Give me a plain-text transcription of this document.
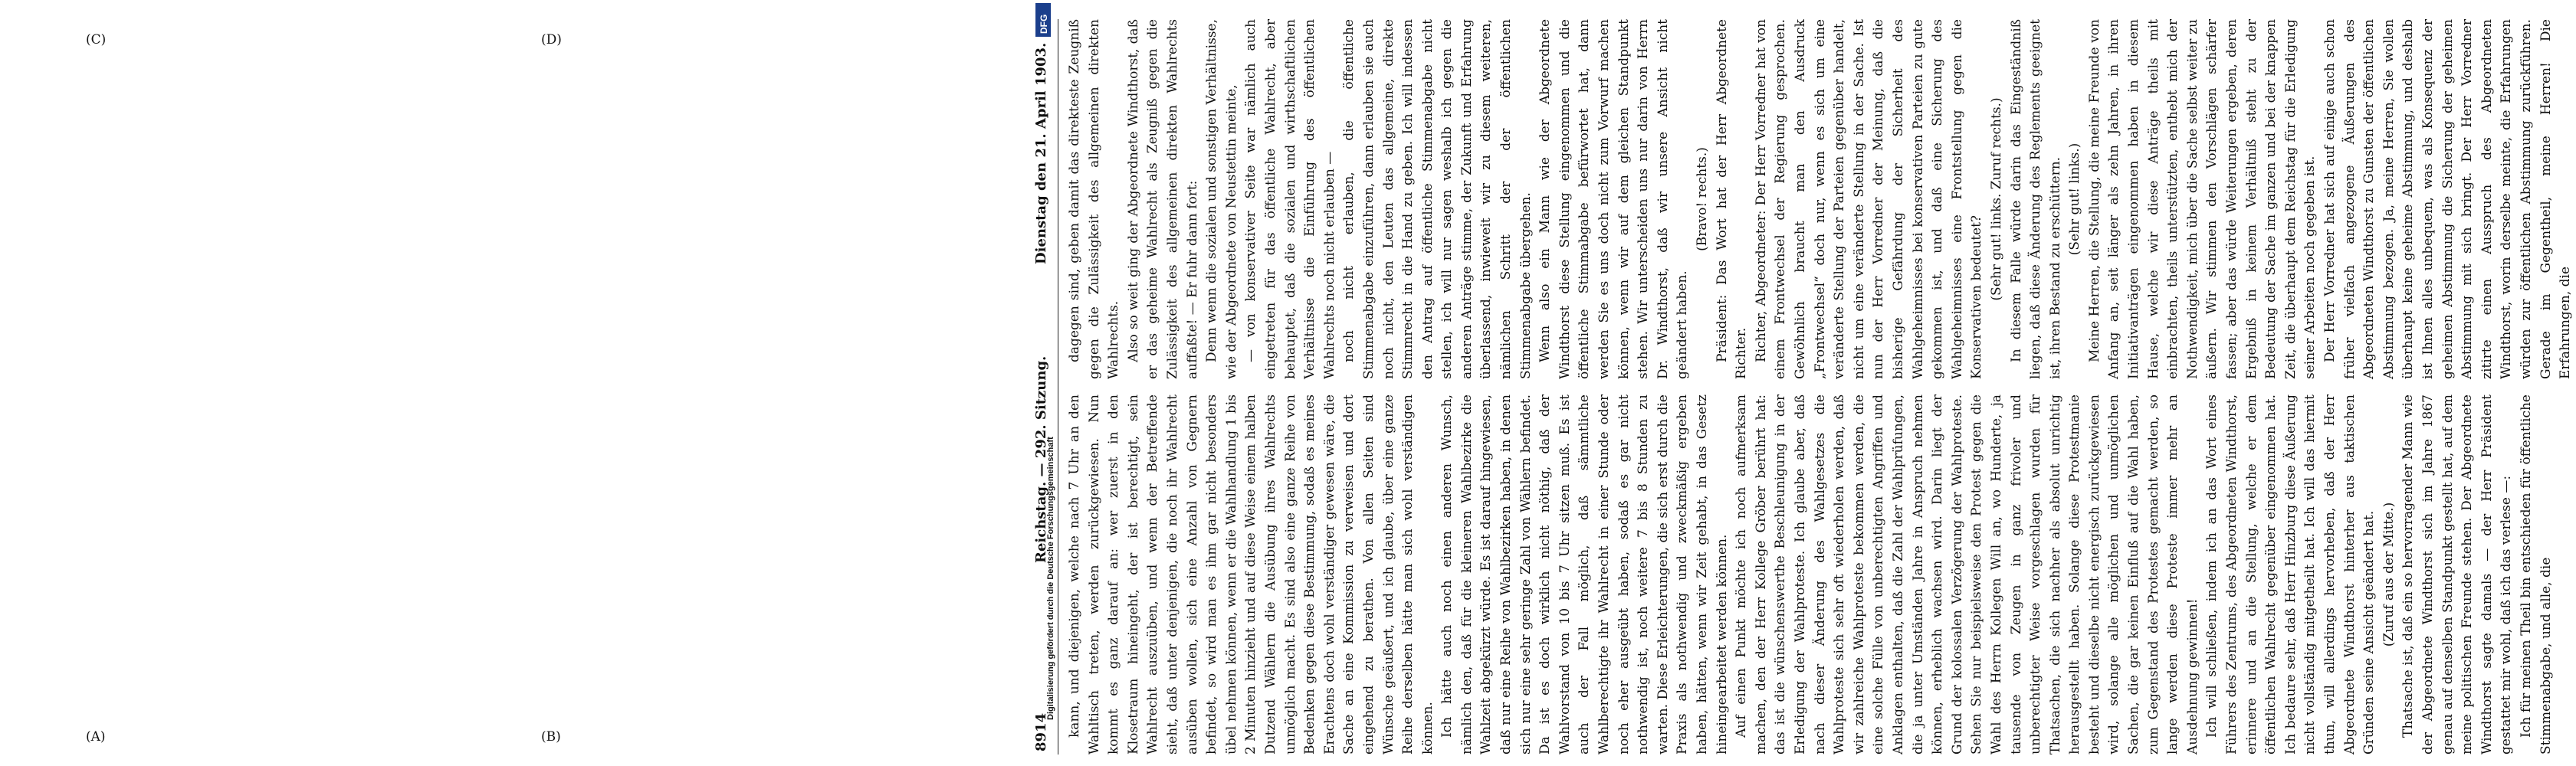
8914
Reichstag. — 292. Sitzung.
Dienstag den 21. April 1903.

kann, und diejenigen, welche nach 7 Uhr an den Wahltisch treten, werden zurückgewiesen. Nun kommt es ganz darauf an: wer zuerst in den Klosetraum hineingeht, der ist berechtigt, sein Wahlrecht auszuüben, und wenn der Betreffende sieht, daß unter denjenigen, die noch ihr Wahlrecht ausüben wollen, sich eine Anzahl von Gegnern befindet, so wird man es ihm gar nicht besonders übel nehmen können, wenn er die Wahlhandlung 1 bis 2 Minuten hinzieht und auf diese Weise einem halben Dutzend Wählern die Ausübung ihres Wahlrechts unmöglich macht. Es sind also eine ganze Reihe von Bedenken gegen diese Bestimmung, sodaß es meines Erachtens doch wohl verständiger gewesen wäre, die Sache an eine Kommission zu verweisen und dort eingehend zu berathen. Von allen Seiten sind Wünsche geäußert, und ich glaube, über eine ganze Reihe derselben hätte man sich wohl verständigen können. Ich hätte auch noch einen anderen Wunsch, nämlich den, daß für die kleineren Wahlbezirke die Wahlzeit abgekürzt würde. Es ist darauf hingewiesen, daß nur eine Reihe von Wahlbezirken haben, in denen sich nur eine sehr geringe Zahl von Wählern befindet. Da ist es doch wirklich nicht nöthig, daß der Wahlvorstand von 10 bis 7 Uhr sitzen muß. Es ist auch der Fall möglich, daß sämmtliche Wahlberechtigte ihr Wahlrecht in einer Stunde oder noch eher ausgeübt haben, sodaß es gar nicht nothwendig ist, noch weitere 7 bis 8 Stunden zu warten. Diese Erleichterungen, die sich erst durch die Praxis als nothwendig und zweckmäßig ergeben haben, hätten, wenn wir Zeit gehabt, in das Gesetz hineingearbeitet werden können. Auf einen Punkt möchte ich noch aufmerksam machen, den der Herr Kollege Gröber berührt hat: das ist die wünschenswerthe Beschleunigung in der Erledigung der Wahlproteste. Ich glaube aber, daß nach dieser Änderung des Wahlgesetzes die Wahlproteste sich sehr oft wiederholen werden, daß wir zahlreiche Wahlproteste bekommen werden, die eine solche Fülle von unberechtigten Angriffen und Anklagen enthalten, daß die Zahl der Wahlprüfungen, die ja unter Umständen Jahre in Anspruch nehmen können, erheblich wachsen wird. Darin liegt der Grund der kolossalen Verzögerung der Wahlproteste. Sehen Sie nur beispielsweise den Protest gegen die Wahl des Herrn Kollegen Will an, wo Hunderte, ja tausende von Zeugen in ganz frivoler und unberechtigter Weise vorgeschlagen wurden für Thatsachen, die sich nachher als absolut unrichtig herausgestellt haben. Solange diese Protestmanie besteht und dieselbe nicht energisch zurückgewiesen wird, solange alle möglichen und unmöglichen Sachen, die gar keinen Einfluß auf die Wahl haben, zum Gegenstand des Protestes gemacht werden, so lange werden diese Proteste immer mehr an Ausdehnung gewinnen! Ich will schließen, indem ich an das Wort eines Führers des Zentrums, des Abgeordneten Windthorst, erinnere und an die Stellung, welche er dem öffentlichen Wahlrecht gegenüber eingenommen hat. Ich bedaure sehr, daß Herr Hinzburg diese Äußerung nicht vollständig mitgetheilt hat. Ich will das hiermit thun, will allerdings hervorheben, daß der Herr Abgeordnete Windthorst hinterher aus taktischen Gründen seine Ansicht geändert hat. (Zuruf aus der Mitte.) Thatsache ist, daß ein so hervorragender Mann wie der Abgeordnete Windthorst sich im Jahre 1867 genau auf denselben Standpunkt gestellt hat, auf dem meine politischen Freunde stehen. Der Abgeordnete Windthorst sagte damals — der Herr Präsident gestattet mir wohl, daß ich das verlese —: Ich für meinen Theil bin entschieden für öffentliche Stimmenabgabe, und alle, die

dagegen sind, geben damit das direkteste Zeugniß gegen die Zulässigkeit des allgemeinen direkten Wahlrechts. Also so weit ging der Abgeordnete Windthorst, daß er das geheime Wahlrecht als Zeugniß gegen die Zulässigkeit des allgemeinen direkten Wahlrechts auffaßte! — Er fuhr dann fort: Denn wenn die sozialen und sonstigen Verhältnisse, wie der Abgeordnete von Neustettin meinte, — von konservativer Seite war nämlich auch eingetreten für das öffentliche Wahlrecht, aber behauptet, daß die sozialen und wirthschaftlichen Verhältnisse die Einführung des öffentlichen Wahlrechts noch nicht erlauben — noch nicht erlauben, die öffentliche Stimmenabgabe einzuführen, dann erlauben sie auch noch nicht, den Leuten das allgemeine, direkte Stimmrecht in die Hand zu geben. Ich will indessen den Antrag auf öffentliche Stimmenabgabe nicht stellen, ich will nur sagen weshalb ich gegen die anderen Anträge stimme, der Zukunft und Erfahrung überlassend, inwieweit wir zu diesem weiteren, nämlichen Schritt der der öffentlichen Stimmenabgabe übergehen. Wenn also ein Mann wie der Abgeordnete Windthorst diese Stellung eingenommen und die öffentliche Stimmabgabe befürwortet hat, dann werden Sie es uns doch nicht zum Vorwurf machen können, wenn wir auf dem gleichen Standpunkt stehen. Wir unterscheiden uns nur darin von Herrn Dr. Windthorst, daß wir unsere Ansicht nicht geändert haben.

(Bravo! rechts.) Präsident: Das Wort hat der Herr Abgeordnete Richter. Richter, Abgeordneter: Der Herr Vorredner hat von einem Frontwechsel der Regierung gesprochen. Gewöhnlich braucht man den Ausdruck „Frontwechsel“ doch nur, wenn es sich um eine veränderte Stellung der Parteien gegenüber handelt, nicht um eine veränderte Stellung in der Sache. Ist nun der Herr Vorredner der Meinung, daß die bisherige Gefährdung der Sicherheit des Wahlgeheimnisses bei konservativen Parteien zu gute gekommen ist, und daß eine Sicherung des Wahlgeheimnisses eine Frontstellung gegen die Konservativen bedeutet? (Sehr gut! links. Zuruf rechts.) In diesem Falle würde darin das Eingeständniß liegen, daß diese Änderung des Reglements geeignet ist, ihren Bestand zu erschüttern. (Sehr gut! links.) Meine Herren, die Stellung, die meine Freunde von Anfang an, seit länger als zehn Jahren, in ihren Initiativanträgen eingenommen haben in diesem Hause, welche wir diese Anträge theils mit einbrachten, theils unterstützten, enthebt mich der Nothwendigkeit, mich über die Sache selbst weiter zu äußern. Wir stimmen den Vorschlägen schärfer fassen; aber das würde Weiterungen ergeben, deren Ergebniß in keinem Verhältniß steht zu der Bedeutung der Sache im ganzen und bei der knappen Zeit, die überhaupt dem Reichstag für die Erledigung seiner Arbeiten noch gegeben ist. Der Herr Vorredner hat sich auf einige auch schon früher vielfach angezogene Äußerungen des Abgeordneten Windthorst zu Gunsten der öffentlichen Abstimmung bezogen. Ja, meine Herren, Sie wollen überhaupt keine geheime Abstimmung, und deshalb ist Ihnen alles unbequem, was als Konsequenz der geheimen Abstimmung die Sicherung der geheimen Abstimmung mit sich bringt. Der Herr Vorredner zitirte einen Ausspruch des Abgeordneten Windthorst, worin derselbe meinte, die Erfahrungen würden zur öffentlichen Abstimmung zurückführen. Gerade im Gegentheil, meine Herren! Die Erfahrungen, die

(A)	(B)
(C)	(D)
Digitalisierung gefördert durch die Deutsche Forschungsgemeinschaft
DFG
